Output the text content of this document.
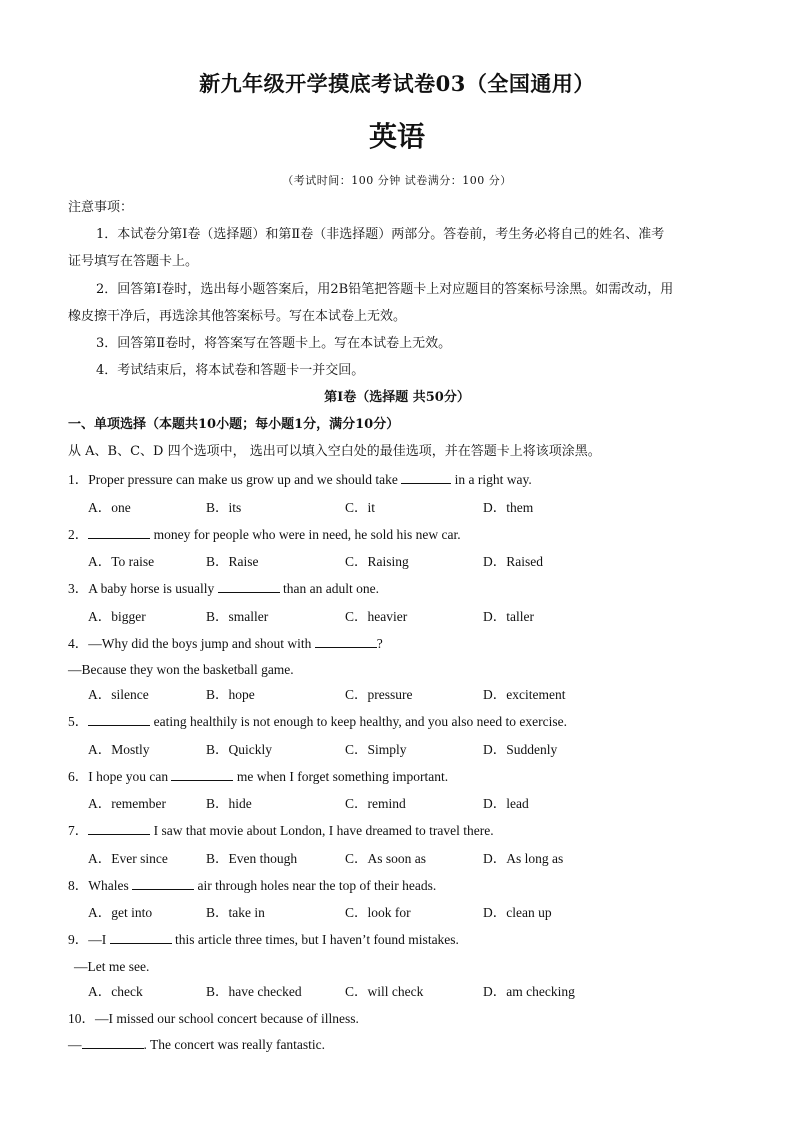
新九年级开学摸底考试卷03（全国通用）
英语
（考试时间：100 分钟 试卷满分：100 分）
注意事项：
1．本试卷分第Ⅰ卷（选择题）和第Ⅱ卷（非选择题）两部分。答卷前，考生务必将自己的姓名、准考
证号填写在答题卡上。
2．回答第Ⅰ卷时，选出每小题答案后，用2B铅笔把答题卡上对应题目的答案标号涂黑。如需改动，用
橡皮擦干净后，再选涂其他答案标号。写在本试卷上无效。
3．回答第Ⅱ卷时，将答案写在答题卡上。写在本试卷上无效。
4．考试结束后，将本试卷和答题卡一并交回。
第I卷（选择题 共50分）
一、单项选择（本题共10小题；每小题1分，满分10分）
从 A、B、C、D 四个选项中， 选出可以填入空白处的最佳选项，并在答题卡上将该项涂黑。
1．Proper pressure can make us grow up and we should take	in a right way.
A．one	B．its	C．it	D．them
2．	money for people who were in need, he sold his new car.
A．To raise	B．Raise	C．Raising	D．Raised
3．A baby horse is usually	than an adult one.
A．bigger	B．smaller	C．heavier	D．taller
4．—Why did the boys jump and shout with	?
—Because they won the basketball game.
A．silence	B．hope	C．pressure	D．excitement
5．	eating healthily is not enough to keep healthy, and you also need to exercise.
A．Mostly	B．Quickly	C．Simply	D．Suddenly
6．I hope you can	me when I forget something important.
A．remember	B．hide	C．remind	D．lead
7．	I saw that movie about London, I have dreamed to travel there.
A．Ever since	B．Even though	C．As soon as	D．As long as
8．Whales	air through holes near the top of their heads.
A．get into	B．take in	C．look for	D．clean up
9．—I	this article three times, but I haven’t found mistakes.
—Let me see.
A．check	B．have checked	C．will check	D．am checking
10．—I missed our school concert because of illness.
—	. The concert was really fantastic.
